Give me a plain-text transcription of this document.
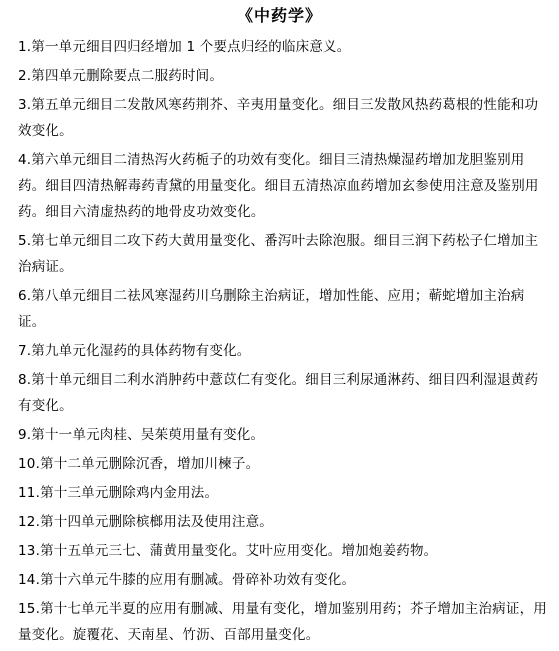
《中药学》

1.第一单元细目四归经增加 1 个要点归经的临床意义。

2.第四单元删除要点二服药时间。

3.第五单元细目二发散风寒药荆芥、辛夷用量变化。细目三发散风热药葛根的性能和功效变化。

4.第六单元细目二清热泻火药栀子的功效有变化。细目三清热燥湿药增加龙胆鉴别用药。细目四清热解毒药青黛的用量变化。细目五清热凉血药增加玄参使用注意及鉴别用药。细目六清虚热药的地骨皮功效变化。

5.第七单元细目二攻下药大黄用量变化、番泻叶去除泡服。细目三润下药松子仁增加主治病证。

6.第八单元细目二祛风寒湿药川乌删除主治病证，增加性能、应用；蕲蛇增加主治病证。

7.第九单元化湿药的具体药物有变化。

8.第十单元细目二利水消肿药中薏苡仁有变化。细目三利尿通淋药、细目四利湿退黄药有变化。

9.第十一单元肉桂、吴茱萸用量有变化。

10.第十二单元删除沉香，增加川楝子。

11.第十三单元删除鸡内金用法。

12.第十四单元删除槟榔用法及使用注意。

13.第十五单元三七、蒲黄用量变化。艾叶应用变化。增加炮姜药物。

14.第十六单元牛膝的应用有删减。骨碎补功效有变化。

15.第十七单元半夏的应用有删减、用量有变化，增加鉴别用药；芥子增加主治病证，用量变化。旋覆花、天南星、竹沥、百部用量变化。
